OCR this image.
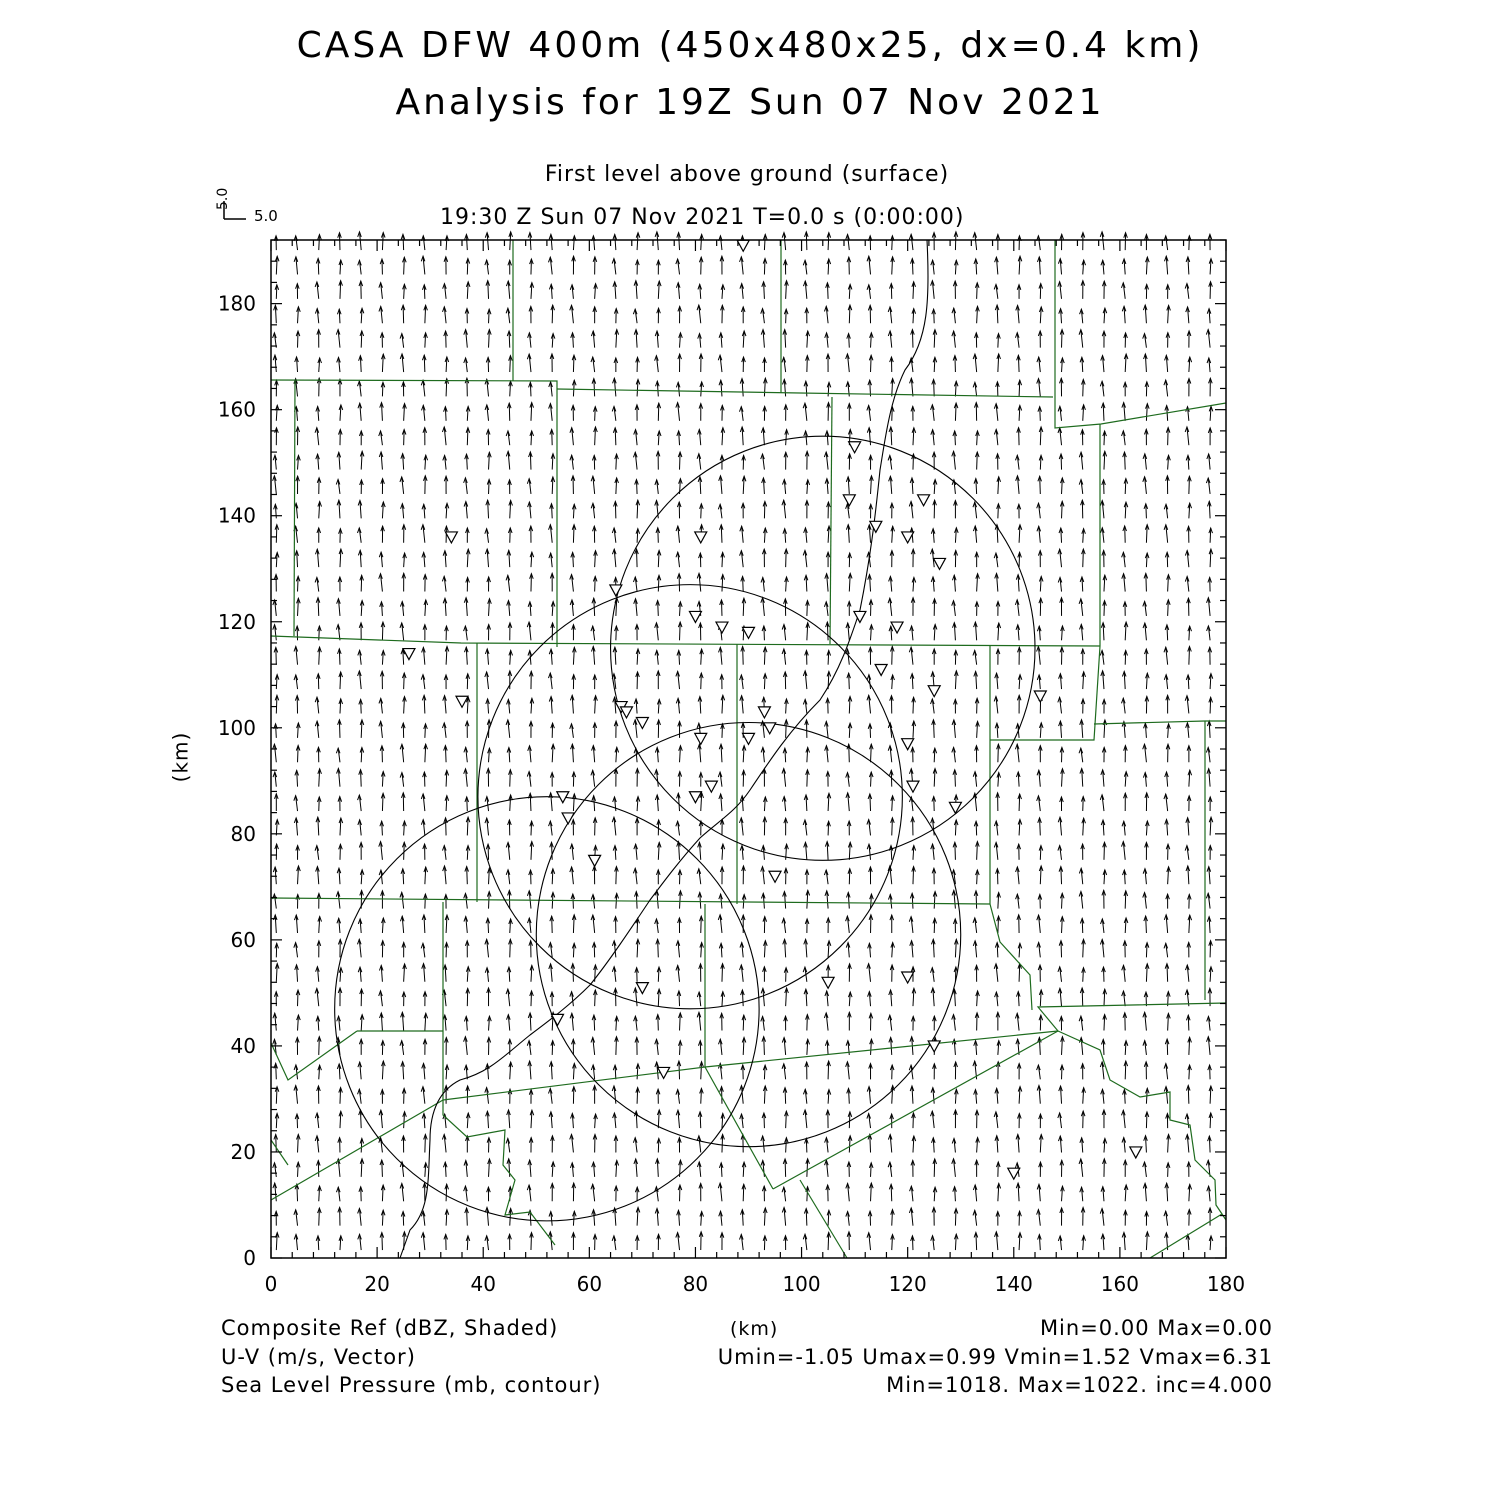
CASA DFW 400m (450x480x25, dx=0.4 km)
Analysis for 19Z Sun 07 Nov 2021
First level above ground (surface)
19:30 Z Sun 07 Nov 2021 T=0.0 s (0:00:00)
(km)
5.0
5.0
0	20	40	60	80	100	120	140	160	180
0
20
40
60
80
100
120
140
160
180
Composite Ref (dBZ, Shaded)	(km)	Min=0.00 Max=0.00
U-V (m/s, Vector)	Umin=-1.05 Umax=0.99 Vmin=1.52 Vmax=6.31
Sea Level Pressure (mb, contour)	Min=1018. Max=1022. inc=4.000
